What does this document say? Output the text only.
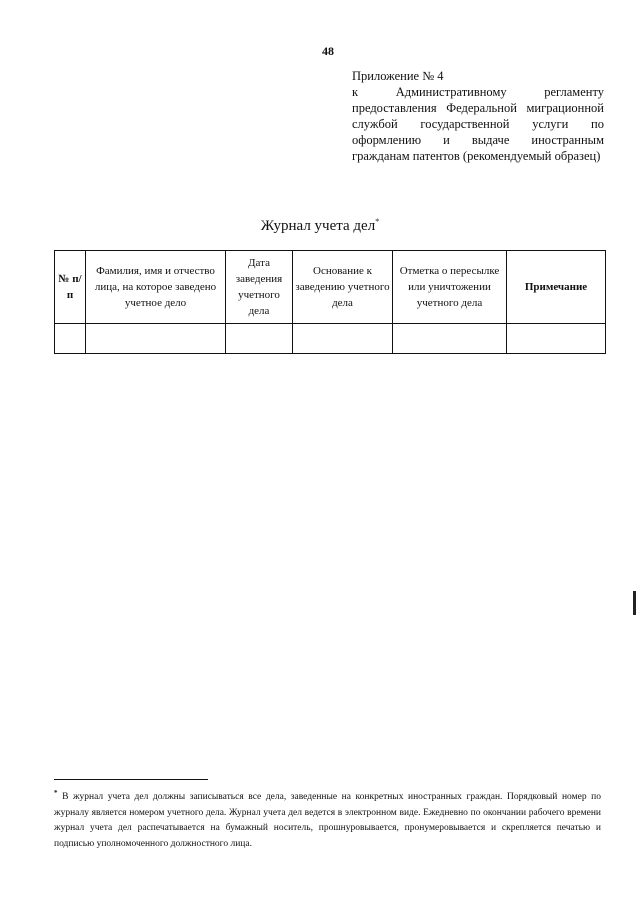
48
Приложение № 4
к Административному регламенту предоставления Федеральной миграционной службой государственной услуги по оформлению и выдаче иностранным гражданам патентов (рекомендуемый образец)
Журнал учета дел*
№ п/п	Фамилия, имя и отчество лица, на которое заведено учетное дело	Дата заведения учетного дела	Основание к заведению учетного дела	Отметка о пересылке или уничтожении учетного дела	Примечание

* В журнал учета дел должны записываться все дела, заведенные на конкретных иностранных граждан. Порядковый номер по журналу является номером учетного дела. Журнал учета дел ведется в электронном виде. Ежедневно по окончании рабочего времени журнал учета дел распечатывается на бумажный носитель, прошнуровывается, пронумеровывается и скрепляется печатью и подписью уполномоченного должностного лица.
